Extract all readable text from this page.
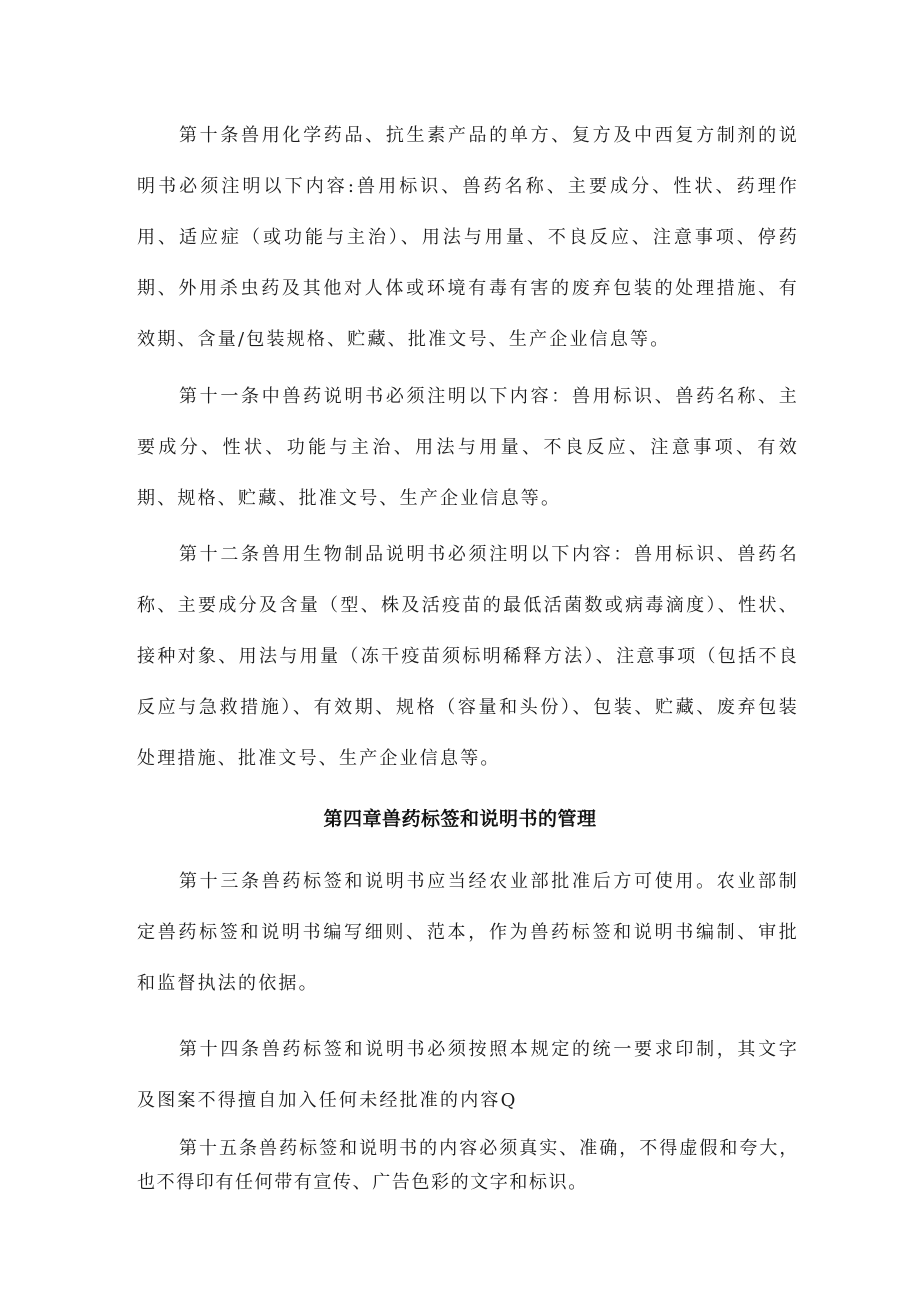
第十条兽用化学药品、抗生素产品的单方、复方及中西复方制剂的说明书必须注明以下内容:兽用标识、兽药名称、主要成分、性状、药理作用、适应症（或功能与主治）、用法与用量、不良反应、注意事项、停药期、外用杀虫药及其他对人体或环境有毒有害的废弃包装的处理措施、有效期、含量/包装规格、贮藏、批准文号、生产企业信息等。

第十一条中兽药说明书必须注明以下内容：兽用标识、兽药名称、主要成分、性状、功能与主治、用法与用量、不良反应、注意事项、有效期、规格、贮藏、批准文号、生产企业信息等。

第十二条兽用生物制品说明书必须注明以下内容：兽用标识、兽药名称、主要成分及含量（型、株及活疫苗的最低活菌数或病毒滴度）、性状、接种对象、用法与用量（冻干疫苗须标明稀释方法）、注意事项（包括不良反应与急救措施）、有效期、规格（容量和头份）、包装、贮藏、废弃包装处理措施、批准文号、生产企业信息等。

第四章兽药标签和说明书的管理

第十三条兽药标签和说明书应当经农业部批准后方可使用。农业部制定兽药标签和说明书编写细则、范本，作为兽药标签和说明书编制、审批和监督执法的依据。

第十四条兽药标签和说明书必须按照本规定的统一要求印制，其文字及图案不得擅自加入任何未经批准的内容Q

第十五条兽药标签和说明书的内容必须真实、准确，不得虚假和夸大，也不得印有任何带有宣传、广告色彩的文字和标识。
